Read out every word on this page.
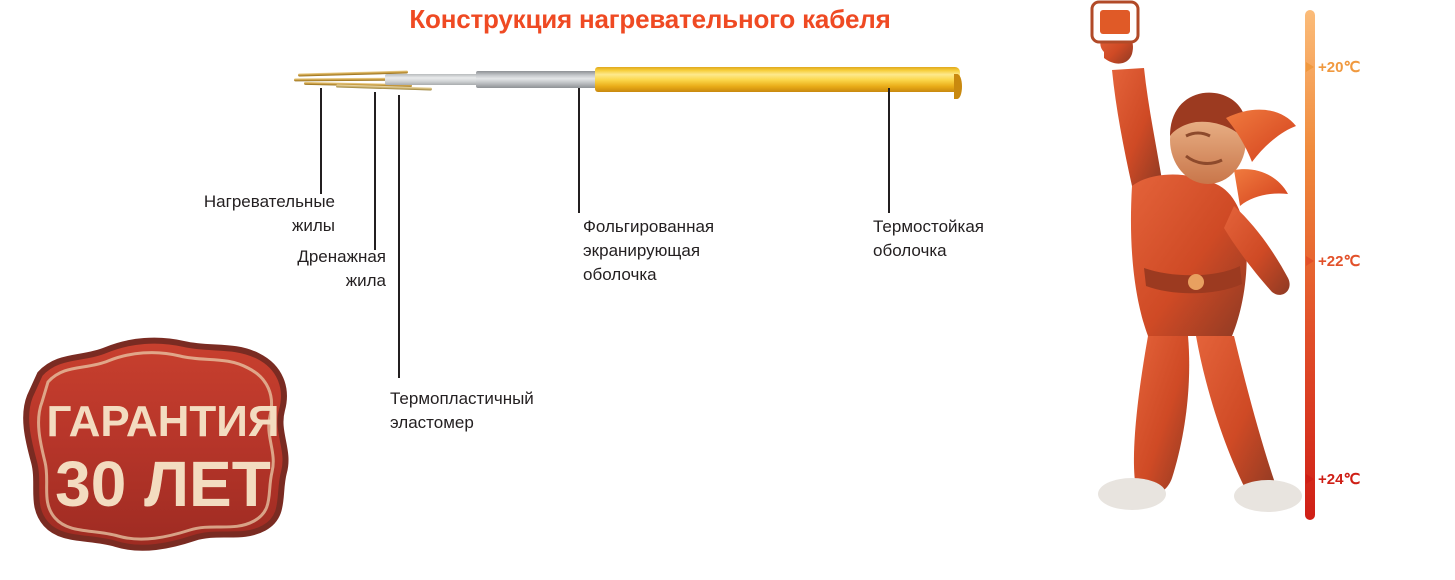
Конструкция нагревательного кабеля
Нагревательные
жилы
Дренажная
жила
Термопластичный
эластомер
Фольгированная
экранирующая
оболочка
Термостойкая
оболочка
ГАРАНТИЯ
30 ЛЕТ
+20℃
+22℃
+24℃
